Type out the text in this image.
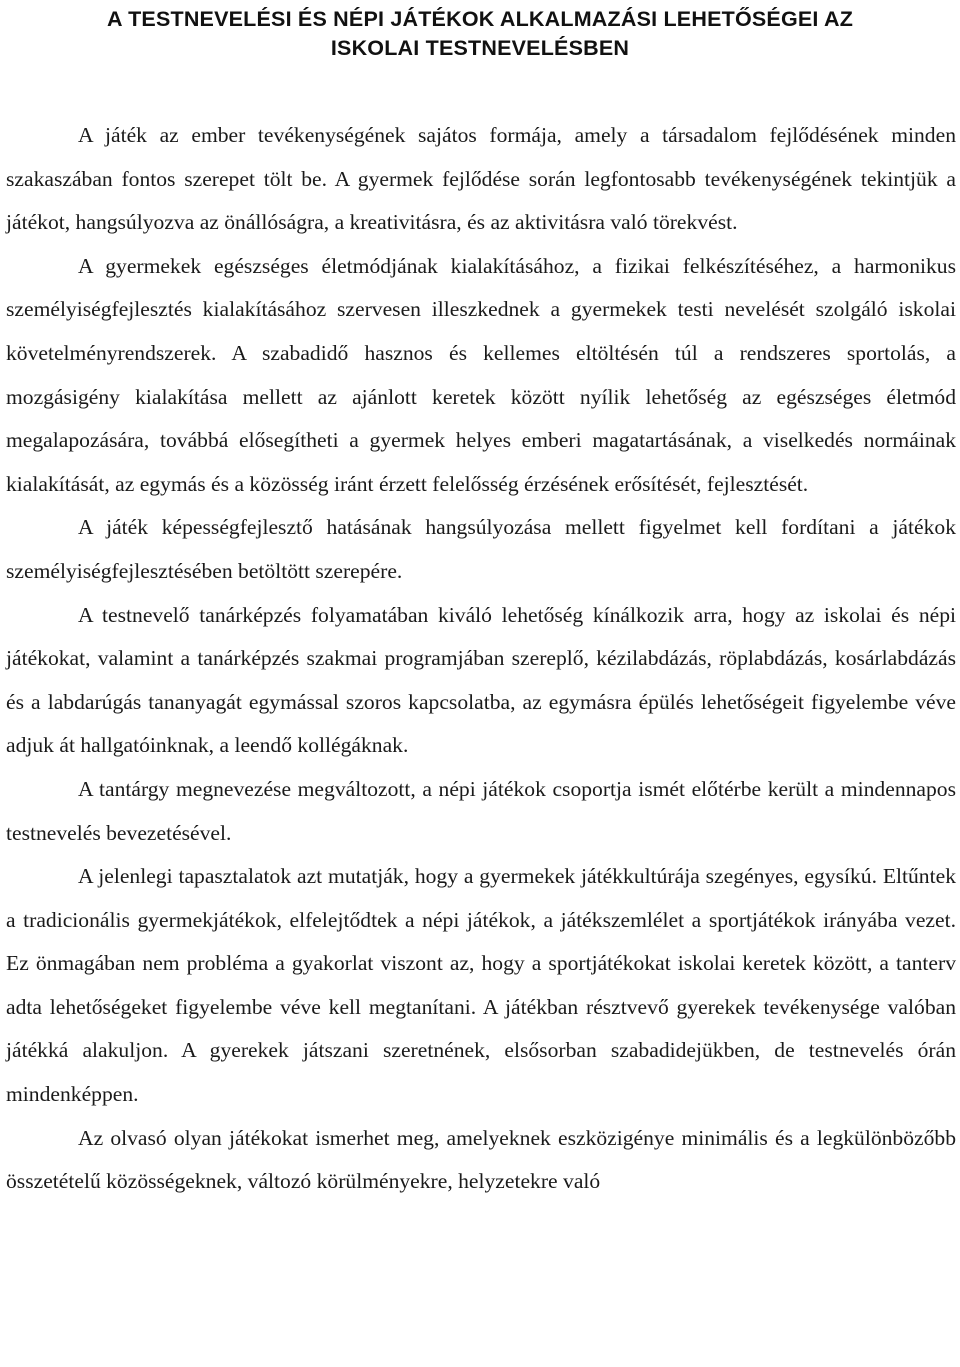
A TESTNEVELÉSI ÉS NÉPI JÁTÉKOK ALKALMAZÁSI LEHETŐSÉGEI AZ
ISKOLAI TESTNEVELÉSBEN

A játék az ember tevékenységének sajátos formája, amely a társadalom fejlődésének minden szakaszában fontos szerepet tölt be. A gyermek fejlődése során legfontosabb tevékenységének tekintjük a játékot, hangsúlyozva az önállóságra, a kreativitásra, és az aktivitásra való törekvést.

A gyermekek egészséges életmódjának kialakításához, a fizikai felkészítéséhez, a harmonikus személyiségfejlesztés kialakításához szervesen illeszkednek a gyermekek testi nevelését szolgáló iskolai követelményrendszerek. A szabadidő hasznos és kellemes eltöltésén túl a rendszeres sportolás, a mozgásigény kialakítása mellett az ajánlott keretek között nyílik lehetőség az egészséges életmód megalapozására, továbbá elősegítheti a gyermek helyes emberi magatartásának, a viselkedés normáinak kialakítását, az egymás és a közösség iránt érzett felelősség érzésének erősítését, fejlesztését.

A játék képességfejlesztő hatásának hangsúlyozása mellett figyelmet kell fordítani a játékok személyiségfejlesztésében betöltött szerepére.

A testnevelő tanárképzés folyamatában kiváló lehetőség kínálkozik arra, hogy az iskolai és népi játékokat, valamint a tanárképzés szakmai programjában szereplő, kézilabdázás, röplabdázás, kosárlabdázás és a labdarúgás tananyagát egymással szoros kapcsolatba, az egymásra épülés lehetőségeit figyelembe véve adjuk át hallgatóinknak, a leendő kollégáknak.

A tantárgy megnevezése megváltozott, a népi játékok csoportja ismét előtérbe került a mindennapos testnevelés bevezetésével.

A jelenlegi tapasztalatok azt mutatják, hogy a gyermekek játékkultúrája szegényes, egysíkú. Eltűntek a tradicionális gyermekjátékok, elfelejtődtek a népi játékok, a játékszemlélet a sportjátékok irányába vezet. Ez önmagában nem probléma a gyakorlat viszont az, hogy a sportjátékokat iskolai keretek között, a tanterv adta lehetőségeket figyelembe véve kell megtanítani. A játékban résztvevő gyerekek tevékenysége valóban játékká alakuljon. A gyerekek játszani szeretnének, elsősorban szabadidejükben, de testnevelés órán mindenképpen.

Az olvasó olyan játékokat ismerhet meg, amelyeknek eszközigénye minimális és a legkülönbözőbb összetételű közösségeknek, változó körülményekre, helyzetekre való
